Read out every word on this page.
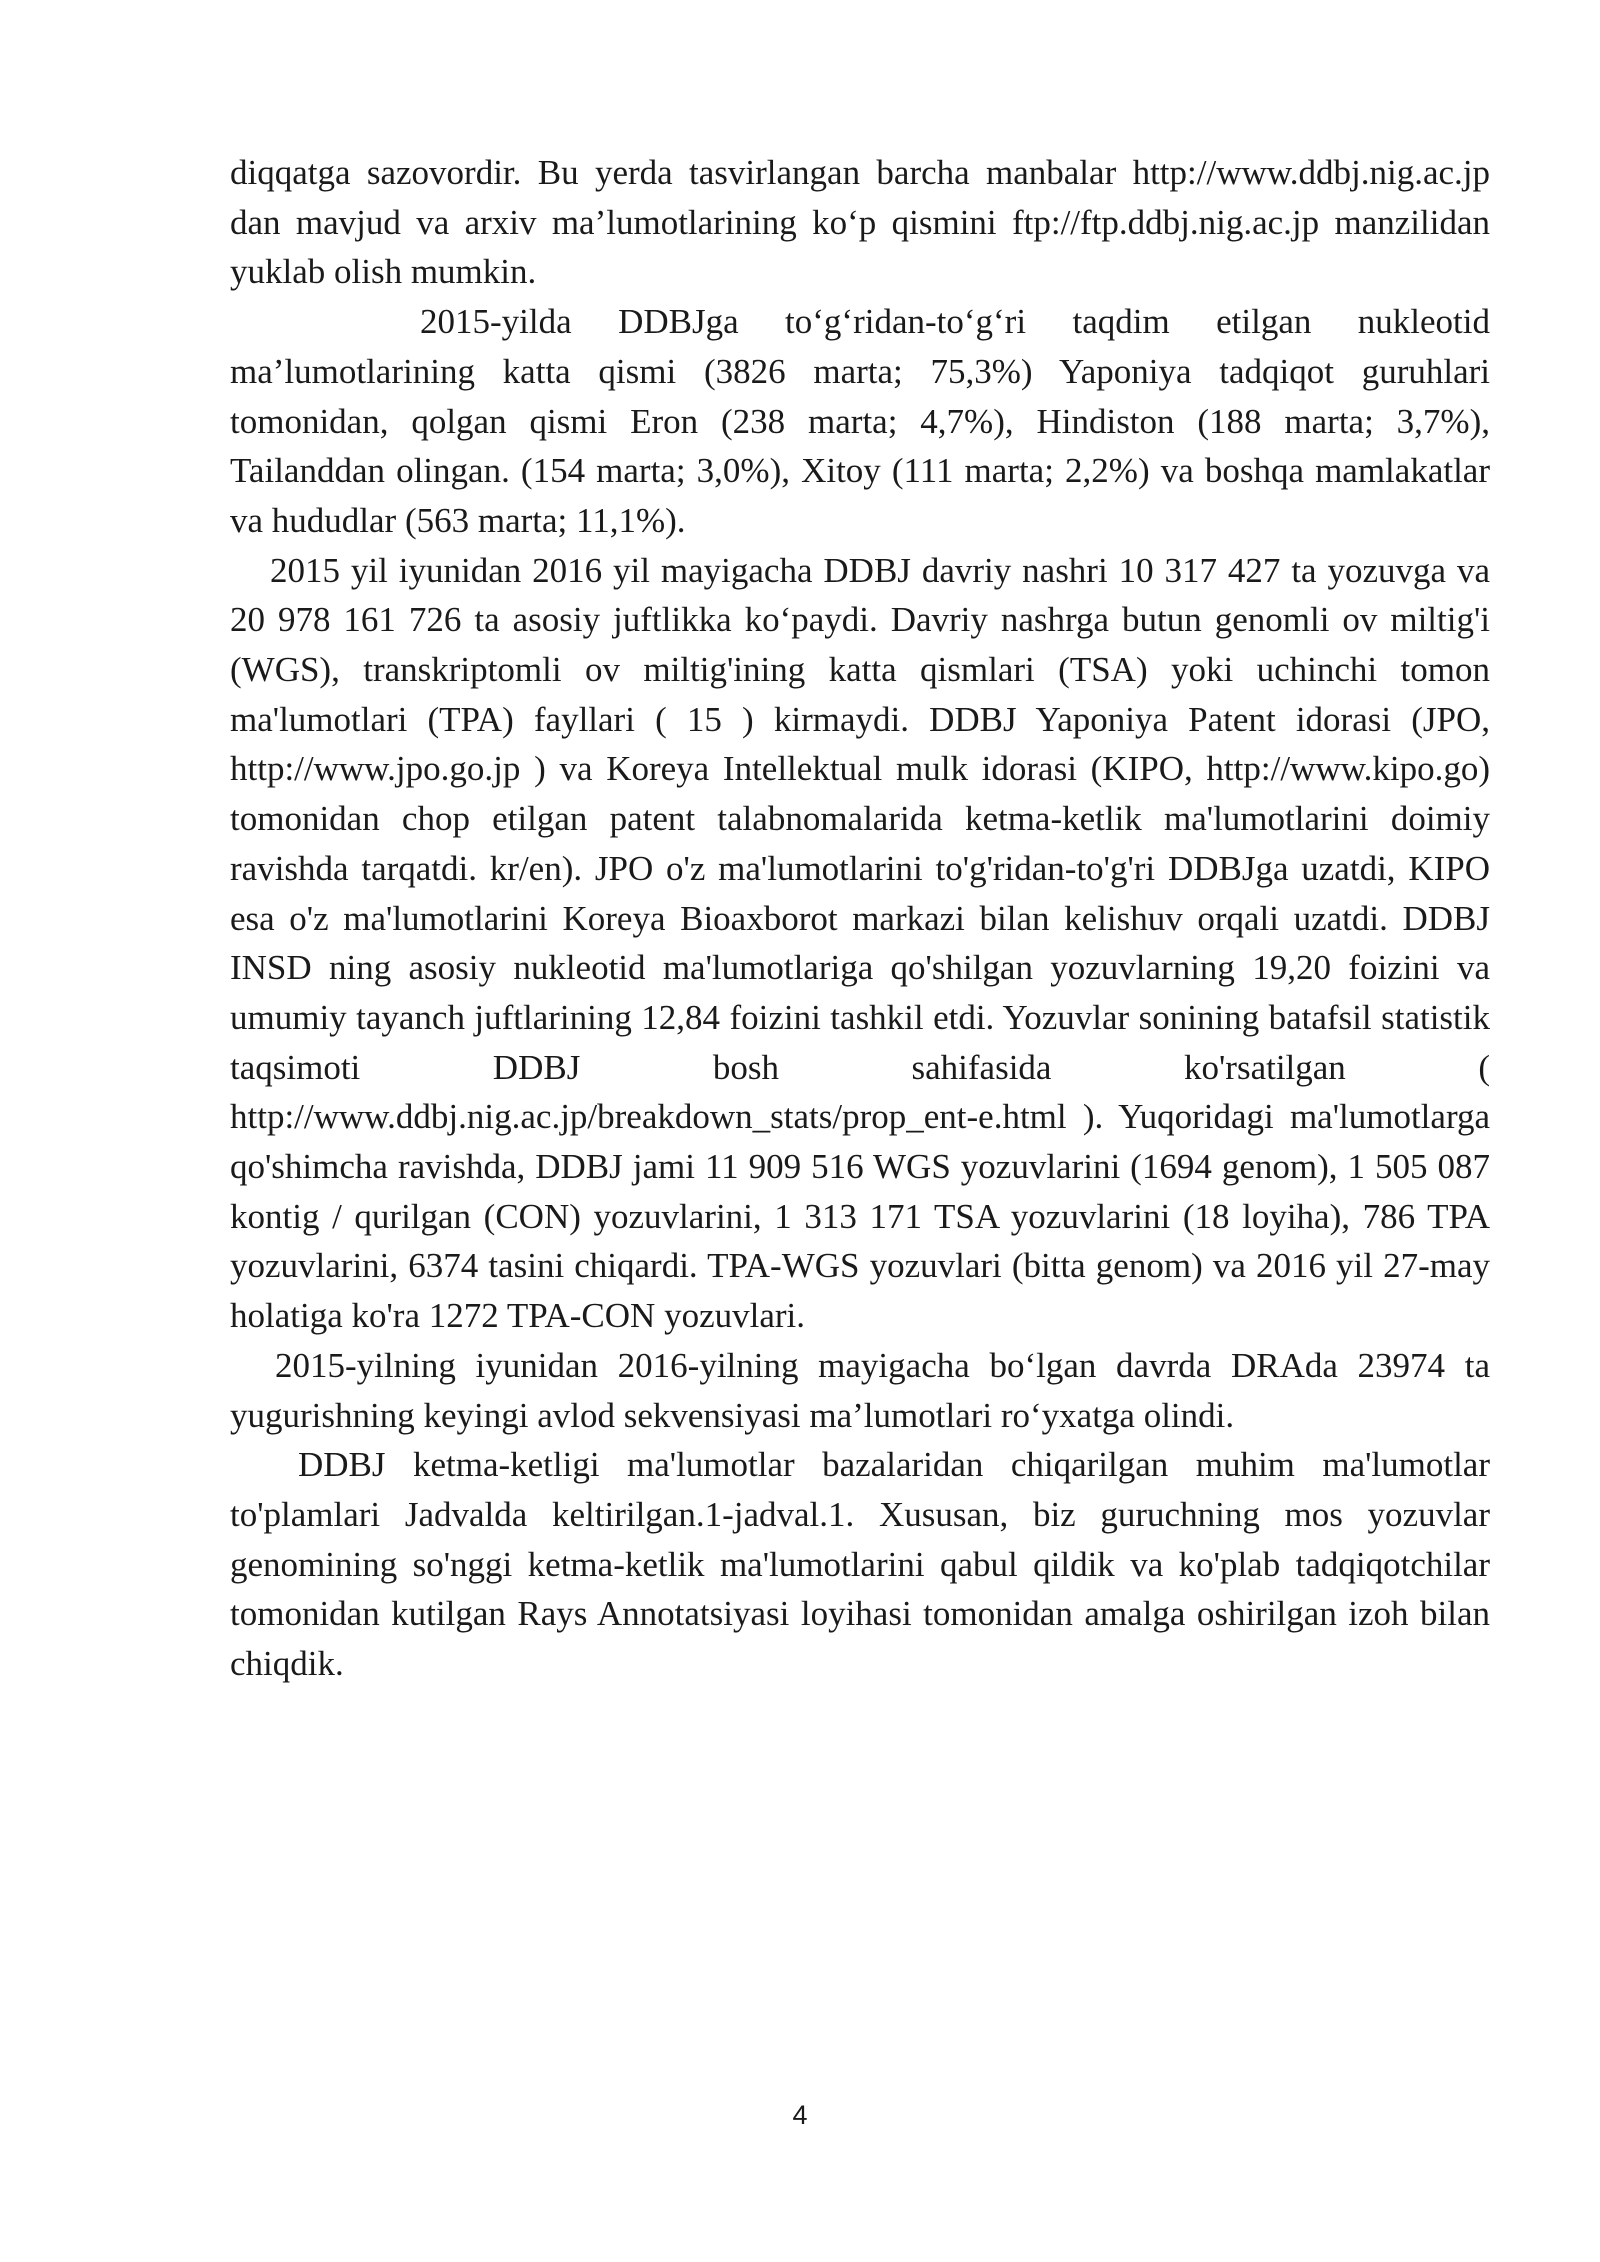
diqqatga sazovordir. Bu yerda tasvirlangan barcha manbalar http://www.ddbj.nig.ac.jp dan mavjud va arxiv ma’lumotlarining ko‘p qismini ftp://ftp.ddbj.nig.ac.jp manzilidan yuklab olish mumkin.

2015-yilda DDBJga to‘g‘ridan-to‘g‘ri taqdim etilgan nukleotid ma’lumotlarining katta qismi (3826 marta; 75,3%) Yaponiya tadqiqot guruhlari tomonidan, qolgan qismi Eron (238 marta; 4,7%), Hindiston (188 marta; 3,7%), Tailanddan olingan. (154 marta; 3,0%), Xitoy (111 marta; 2,2%) va boshqa mamlakatlar va hududlar (563 marta; 11,1%).

2015 yil iyunidan 2016 yil mayigacha DDBJ davriy nashri 10 317 427 ta yozuvga va 20 978 161 726 ta asosiy juftlikka ko‘paydi. Davriy nashrga butun genomli ov miltig'i (WGS), transkriptomli ov miltig'ining katta qismlari (TSA) yoki uchinchi tomon ma'lumotlari (TPA) fayllari ( 15 ) kirmaydi. DDBJ Yaponiya Patent idorasi (JPO, http://www.jpo.go.jp ) va Koreya Intellektual mulk idorasi (KIPO, http://www.kipo.go) tomonidan chop etilgan patent talabnomalarida ketma-ketlik ma'lumotlarini doimiy ravishda tarqatdi. kr/en). JPO o'z ma'lumotlarini to'g'ridan-to'g'ri DDBJga uzatdi, KIPO esa o'z ma'lumotlarini Koreya Bioaxborot markazi bilan kelishuv orqali uzatdi. DDBJ INSD ning asosiy nukleotid ma'lumotlariga qo'shilgan yozuvlarning 19,20 foizini va umumiy tayanch juftlarining 12,84 foizini tashkil etdi. Yozuvlar sonining batafsil statistik taqsimoti DDBJ bosh sahifasida ko'rsatilgan ( http://www.ddbj.nig.ac.jp/breakdown_stats/prop_ent-e.html ). Yuqoridagi ma'lumotlarga qo'shimcha ravishda, DDBJ jami 11 909 516 WGS yozuvlarini (1694 genom), 1 505 087 kontig / qurilgan (CON) yozuvlarini, 1 313 171 TSA yozuvlarini (18 loyiha), 786 TPA yozuvlarini, 6374 tasini chiqardi. TPA-WGS yozuvlari (bitta genom) va 2016 yil 27-may holatiga ko'ra 1272 TPA-CON yozuvlari.

2015-yilning iyunidan 2016-yilning mayigacha bo‘lgan davrda DRAda 23974 ta yugurishning keyingi avlod sekvensiyasi ma’lumotlari ro‘yxatga olindi.

DDBJ ketma-ketligi ma'lumotlar bazalaridan chiqarilgan muhim ma'lumotlar to'plamlari Jadvalda keltirilgan.1-jadval.1. Xususan, biz guruchning mos yozuvlar genomining so'nggi ketma-ketlik ma'lumotlarini qabul qildik va ko'plab tadqiqotchilar tomonidan kutilgan Rays Annotatsiyasi loyihasi tomonidan amalga oshirilgan izoh bilan chiqdik.

4
